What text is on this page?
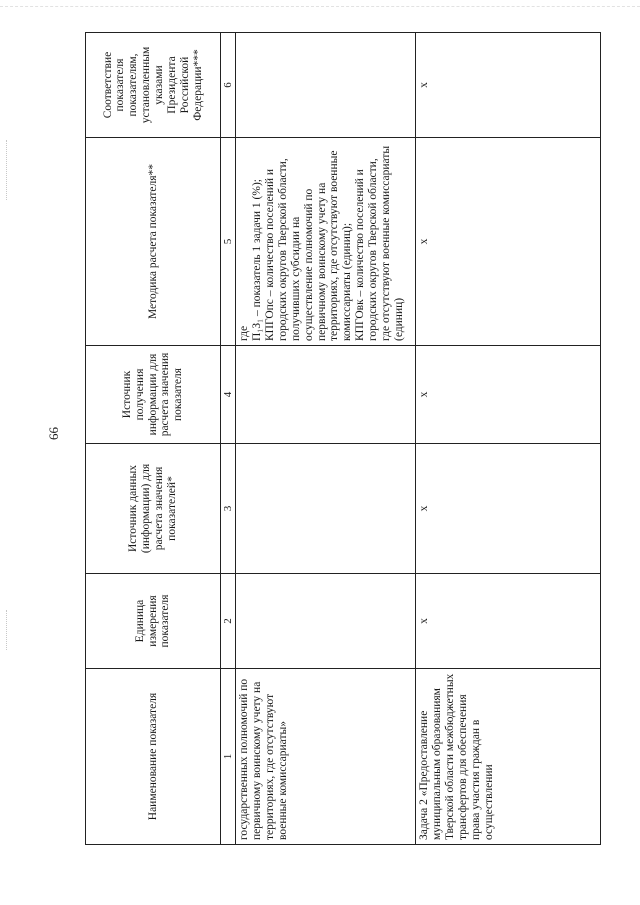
66
Наименование показателя	Единица измерения показателя	Источник данных (информации) для расчета значения показателей*	Источник получения информации для расчета значения показателя	Методика расчета показателя**	Соответствие показателя показателям, установленным указами Президента Российской Федерации***
1	2	3	4	5	6
государственных полномочий по первичному воинскому учету на территориях, где отсутствуют военные комиссариаты»				где П₁З₁ – показатель 1 задачи 1 (%); КПГОпс – количество поселений и городских округов Тверской области, получивших субсидии на осуществление полномочий по первичному воинскому учету на территориях, где отсутствуют военные комиссариаты (единиц); КПГОвк – количество поселений и городских округов Тверской области, где отсутствуют военные комиссариаты (единиц)	

Задача 2 «Предоставление муниципальным образованиям Тверской области межбюджетных трансфертов для обеспечения права участия граждан в осуществлении	x	x	x	x	x
